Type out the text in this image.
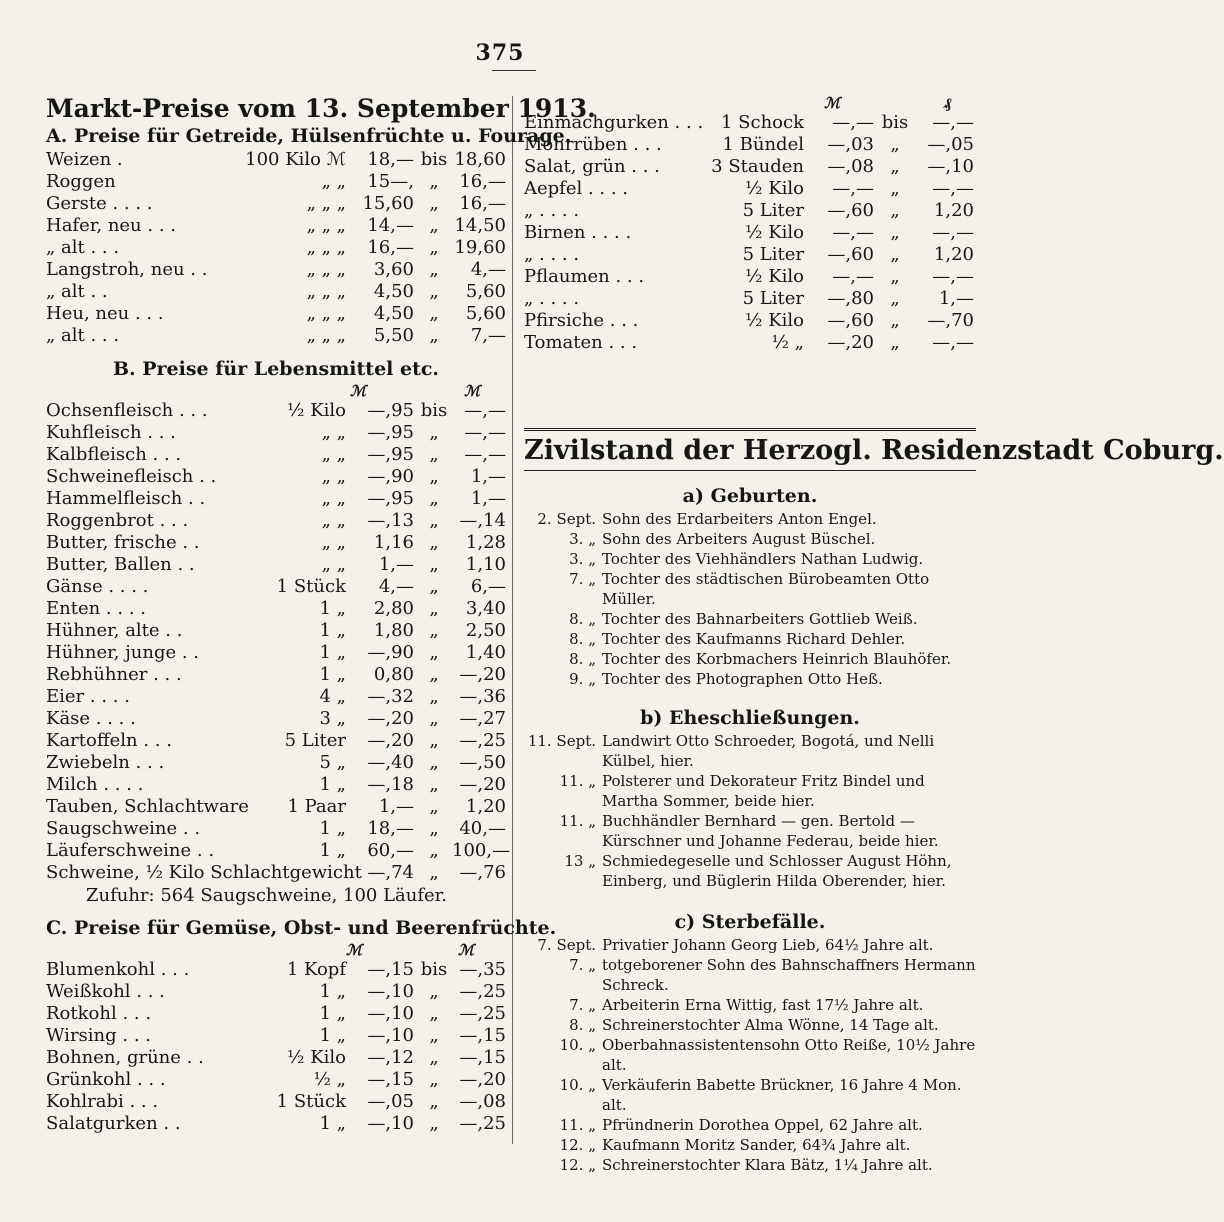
375
Markt-Preise vom 13. September 1913.
A. Preise für Getreide, Hülsenfrüchte u. Fourage.
Weizen .	100 Kilo ℳ	18,— bis 18,60
Roggen	„ „	15—, „	16,—
Gerste . . . .	„ „ „ 15,60 „	16,—
Hafer, neu . . .	„ „ „	14,— „ 14,50
„ alt . . .	„ „ „	16,— „ 19,60
Langstroh, neu . .	„ „ „	3,60 „	4,—
„ alt . .	„ „ „	4,50 „	5,60
Heu, neu . . .	„ „ „	4,50 „	5,60
„ alt . . .	„ „ „	5,50 „	7,—
B. Preise für Lebensmittel etc.
ℳ	ℳ
Ochsenfleisch . . .	½ Kilo	—,95 bis —,—
Kuhfleisch . . .	„ „	—,95 „	—,—
Kalbfleisch . . .	„ „	—,95 „	—,—
Schweinefleisch . .	„ „	—,90 „	1,—
Hammelfleisch . .	„ „	—,95 „	1,—
Roggenbrot . . .	„ „	—,13 „	—,14
Butter, frische . .	„ „	1,16 „	1,28
Butter, Ballen . .	„ „	1,— „	1,10
Gänse . . . .	1 Stück	4,— „	6,—
Enten . . . .	1 „	2,80 „	3,40
Hühner, alte . .	1 „	1,80 „	2,50
Hühner, junge . .	1 „	—,90 „	1,40
Rebhühner . . .	1 „	0,80 „	—,20
Eier . . . .	4 „	—,32 „	—,36
Käse . . . .	3 „	—,20 „	—,27
Kartoffeln . . .	5 Liter	—,20 „	—,25
Zwiebeln . . .	5 „	—,40 „	—,50
Milch . . . .	1 „	—,18 „	—,20
Tauben, Schlachtware	1 Paar	1,— „	1,20
Saugschweine . .	1 „	18,— „	40,—
Läuferschweine . .	1 „	60,— „ 100,—
Schweine, ½ Kilo Schlachtgewicht —,74 „	—,76
Zufuhr: 564 Saugschweine, 100 Läufer.
C. Preise für Gemüse, Obst- und Beerenfrüchte.
ℳ	ℳ
Blumenkohl . . .	1 Kopf	—,15 bis —,35
Weißkohl . . .	1 „	—,10 „	—,25
Rotkohl . . .	1 „	—,10 „	—,25
Wirsing . . .	1 „	—,10 „	—,15
Bohnen, grüne . .	½ Kilo	—,12 „	—,15
Grünkohl . . .	½ „	—,15 „	—,20
Kohlrabi . . .	1 Stück	—,05 „	—,08
Salatgurken . .	1 „	—,10 „	—,25
ℳ	₰
Einmachgurken . . . 1 Schock	—,— bis	—,—
Mohrrüben . . .	1 Bündel	—,03 „	—,05
Salat, grün . . .	3 Stauden	—,08 „	—,10
Aepfel . . . .	½ Kilo	—,— „	—,—
„ . . . .	5 Liter	—,60 „	1,20
Birnen . . . .	½ Kilo	—,— „	—,—
„ . . . .	5 Liter	—,60 „	1,20
Pflaumen . . .	½ Kilo	—,— „	—,—
„ . . . .	5 Liter	—,80 „	1,—
Pfirsiche . . .	½ Kilo	—,60 „	—,70
Tomaten . . .	½ „	—,20 „	—,—
Zivilstand der Herzogl. Residenzstadt Coburg.
a) Geburten.
2. Sept. Sohn des Erdarbeiters Anton Engel.
3. „ Sohn des Arbeiters August Büschel.
3. „ Tochter des Viehhändlers Nathan Ludwig.
7. „ Tochter des städtischen Bürobeamten Otto Müller.
8. „ Tochter des Bahnarbeiters Gottlieb Weiß.
8. „ Tochter des Kaufmanns Richard Dehler.
8. „ Tochter des Korbmachers Heinrich Blauhöfer.
9. „ Tochter des Photographen Otto Heß.
b) Eheschließungen.
11. Sept. Landwirt Otto Schroeder, Bogotá, und Nelli Külbel, hier.
11. „ Polsterer und Dekorateur Fritz Bindel und Martha Sommer, beide hier.
11. „ Buchhändler Bernhard — gen. Bertold — Kürschner und Johanne Federau, beide hier.
13 „ Schmiedegeselle und Schlosser August Höhn, Einberg, und Büglerin Hilda Oberender, hier.
c) Sterbefälle.
7. Sept. Privatier Johann Georg Lieb, 64½ Jahre alt.
7. „ totgeborener Sohn des Bahnschaffners Hermann Schreck.
7. „ Arbeiterin Erna Wittig, fast 17½ Jahre alt.
8. „ Schreinerstochter Alma Wönne, 14 Tage alt.
10. „ Oberbahnassistentensohn Otto Reiße, 10½ Jahre alt.
10. „ Verkäuferin Babette Brückner, 16 Jahre 4 Mon. alt.
11. „ Pfründnerin Dorothea Oppel, 62 Jahre alt.
12. „ Kaufmann Moritz Sander, 64¾ Jahre alt.
12. „ Schreinerstochter Klara Bätz, 1¼ Jahre alt.
